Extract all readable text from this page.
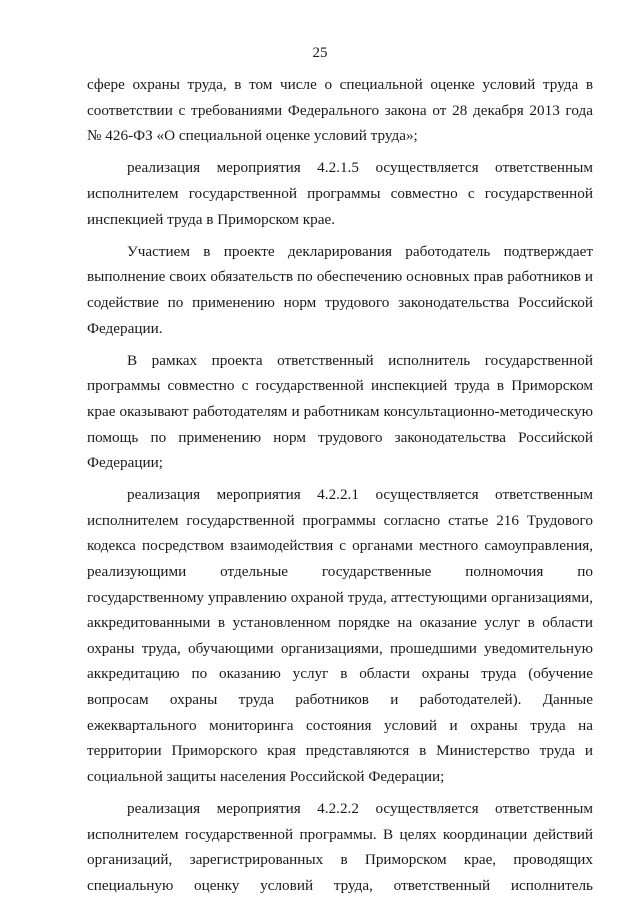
25

сфере охраны труда, в том числе о специальной оценке условий труда в соответствии с требованиями Федерального закона от 28 декабря 2013 года № 426-ФЗ «О специальной оценке условий труда»;

реализация мероприятия 4.2.1.5 осуществляется ответственным исполнителем государственной программы совместно с государственной инспекцией труда в Приморском крае.

Участием в проекте декларирования работодатель подтверждает выполнение своих обязательств по обеспечению основных прав работников и содействие по применению норм трудового законодательства Российской Федерации.

В рамках проекта ответственный исполнитель государственной программы совместно с государственной инспекцией труда в Приморском крае оказывают работодателям и работникам консультационно-методическую помощь по применению норм трудового законодательства Российской Федерации;

реализация мероприятия 4.2.2.1 осуществляется ответственным исполнителем государственной программы согласно статье 216 Трудового кодекса посредством взаимодействия с органами местного самоуправления, реализующими отдельные государственные полномочия по государственному управлению охраной труда, аттестующими организациями, аккредитованными в установленном порядке на оказание услуг в области охраны труда, обучающими организациями, прошедшими уведомительную аккредитацию по оказанию услуг в области охраны труда (обучение вопросам охраны труда работников и работодателей). Данные ежеквартального мониторинга состояния условий и охраны труда на территории Приморского края представляются в Министерство труда и социальной защиты населения Российской Федерации;

реализация мероприятия 4.2.2.2 осуществляется ответственным исполнителем государственной программы. В целях координации действий организаций, зарегистрированных в Приморском крае, проводящих специальную оценку условий труда, ответственный исполнитель
